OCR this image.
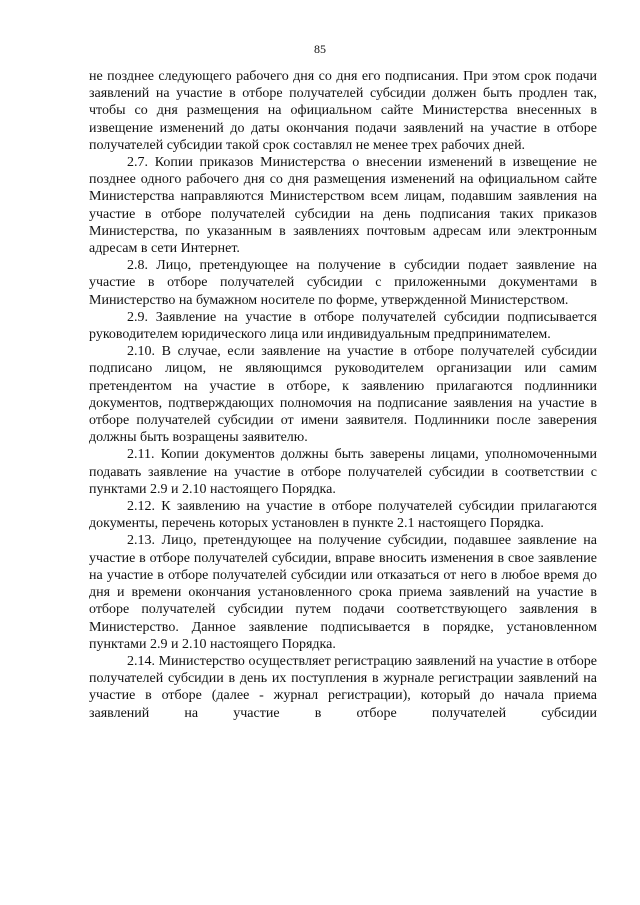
85

не позднее следующего рабочего дня со дня его подписания. При этом срок подачи заявлений на участие в отборе получателей субсидии должен быть продлен так, чтобы со дня размещения на официальном сайте Министерства внесенных в извещение изменений до даты окончания подачи заявлений на участие в отборе получателей субсидии такой срок составлял не менее трех рабочих дней.

2.7. Копии приказов Министерства о внесении изменений в извещение не позднее одного рабочего дня со дня размещения изменений на официальном сайте Министерства направляются Министерством всем лицам, подавшим заявления на участие в отборе получателей субсидии на день подписания таких приказов Министерства, по указанным в заявлениях почтовым адресам или электронным адресам в сети Интернет.

2.8. Лицо, претендующее на получение в субсидии подает заявление на участие в отборе получателей субсидии с приложенными документами в Министерство на бумажном носителе по форме, утвержденной Министерством.

2.9. Заявление на участие в отборе получателей субсидии подписывается руководителем юридического лица или индивидуальным предпринимателем.

2.10. В случае, если заявление на участие в отборе получателей субсидии подписано лицом, не являющимся руководителем организации или самим претендентом на участие в отборе, к заявлению прилагаются подлинники документов, подтверждающих полномочия на подписание заявления на участие в отборе получателей субсидии от имени заявителя. Подлинники после заверения должны быть возращены заявителю.

2.11. Копии документов должны быть заверены лицами, уполномоченными подавать заявление на участие в отборе получателей субсидии в соответствии с пунктами 2.9 и 2.10 настоящего Порядка.

2.12. К заявлению на участие в отборе получателей субсидии прилагаются документы, перечень которых установлен в пункте 2.1 настоящего Порядка.

2.13. Лицо, претендующее на получение субсидии, подавшее заявление на участие в отборе получателей субсидии, вправе вносить изменения в свое заявление на участие в отборе получателей субсидии или отказаться от него в любое время до дня и времени окончания установленного срока приема заявлений на участие в отборе получателей субсидии путем подачи соответствующего заявления в Министерство. Данное заявление подписывается в порядке, установленном пунктами 2.9 и 2.10 настоящего Порядка.

2.14. Министерство осуществляет регистрацию заявлений на участие в отборе получателей субсидии в день их поступления в журнале регистрации заявлений на участие в отборе (далее - журнал регистрации), который до начала приема заявлений на участие в отборе получателей субсидии
